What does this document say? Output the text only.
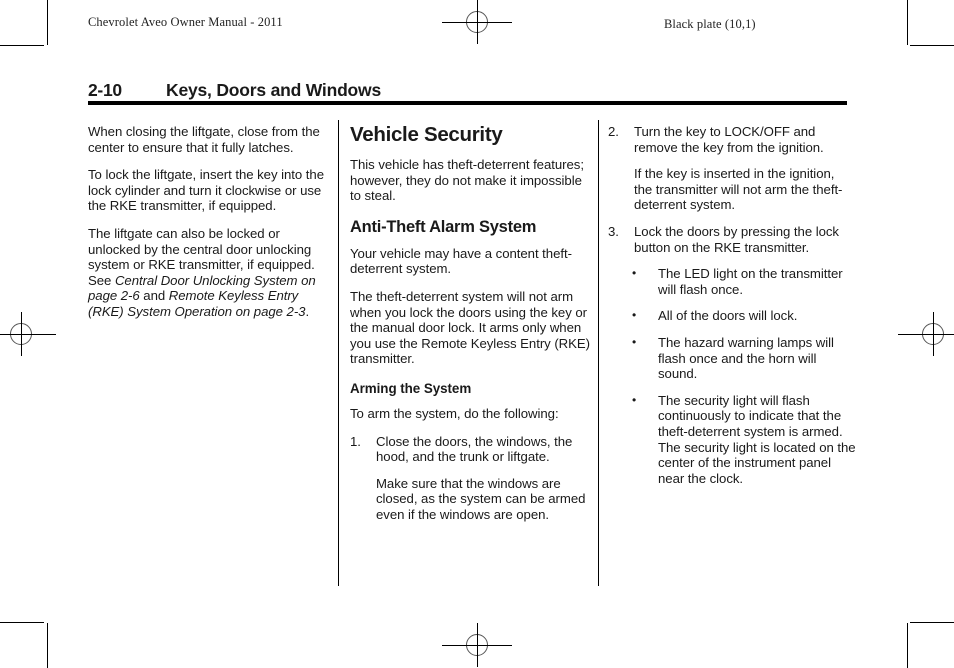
Chevrolet Aveo Owner Manual - 2011	Black plate (10,1)
2-10	Keys, Doors and Windows

When closing the liftgate, close from the center to ensure that it fully latches.

To lock the liftgate, insert the key into the lock cylinder and turn it clockwise or use the RKE transmitter, if equipped.

The liftgate can also be locked or unlocked by the central door unlocking system or RKE transmitter, if equipped. See Central Door Unlocking System on page 2-6 and Remote Keyless Entry (RKE) System Operation on page 2-3.

Vehicle Security

This vehicle has theft-deterrent features; however, they do not make it impossible to steal.

Anti-Theft Alarm System

Your vehicle may have a content theft-deterrent system.

The theft-deterrent system will not arm when you lock the doors using the key or the manual door lock. It arms only when you use the Remote Keyless Entry (RKE) transmitter.

Arming the System

To arm the system, do the following:

1.	Close the doors, the windows, the hood, and the trunk or liftgate.

Make sure that the windows are closed, as the system can be armed even if the windows are open.

2.	Turn the key to LOCK/OFF and remove the key from the ignition.

If the key is inserted in the ignition, the transmitter will not arm the theft-deterrent system.

3.	Lock the doors by pressing the lock button on the RKE transmitter.
•	The LED light on the transmitter will flash once.
•	All of the doors will lock.
•	The hazard warning lamps will flash once and the horn will sound.
•	The security light will flash continuously to indicate that the theft-deterrent system is armed. The security light is located on the center of the instrument panel near the clock.
